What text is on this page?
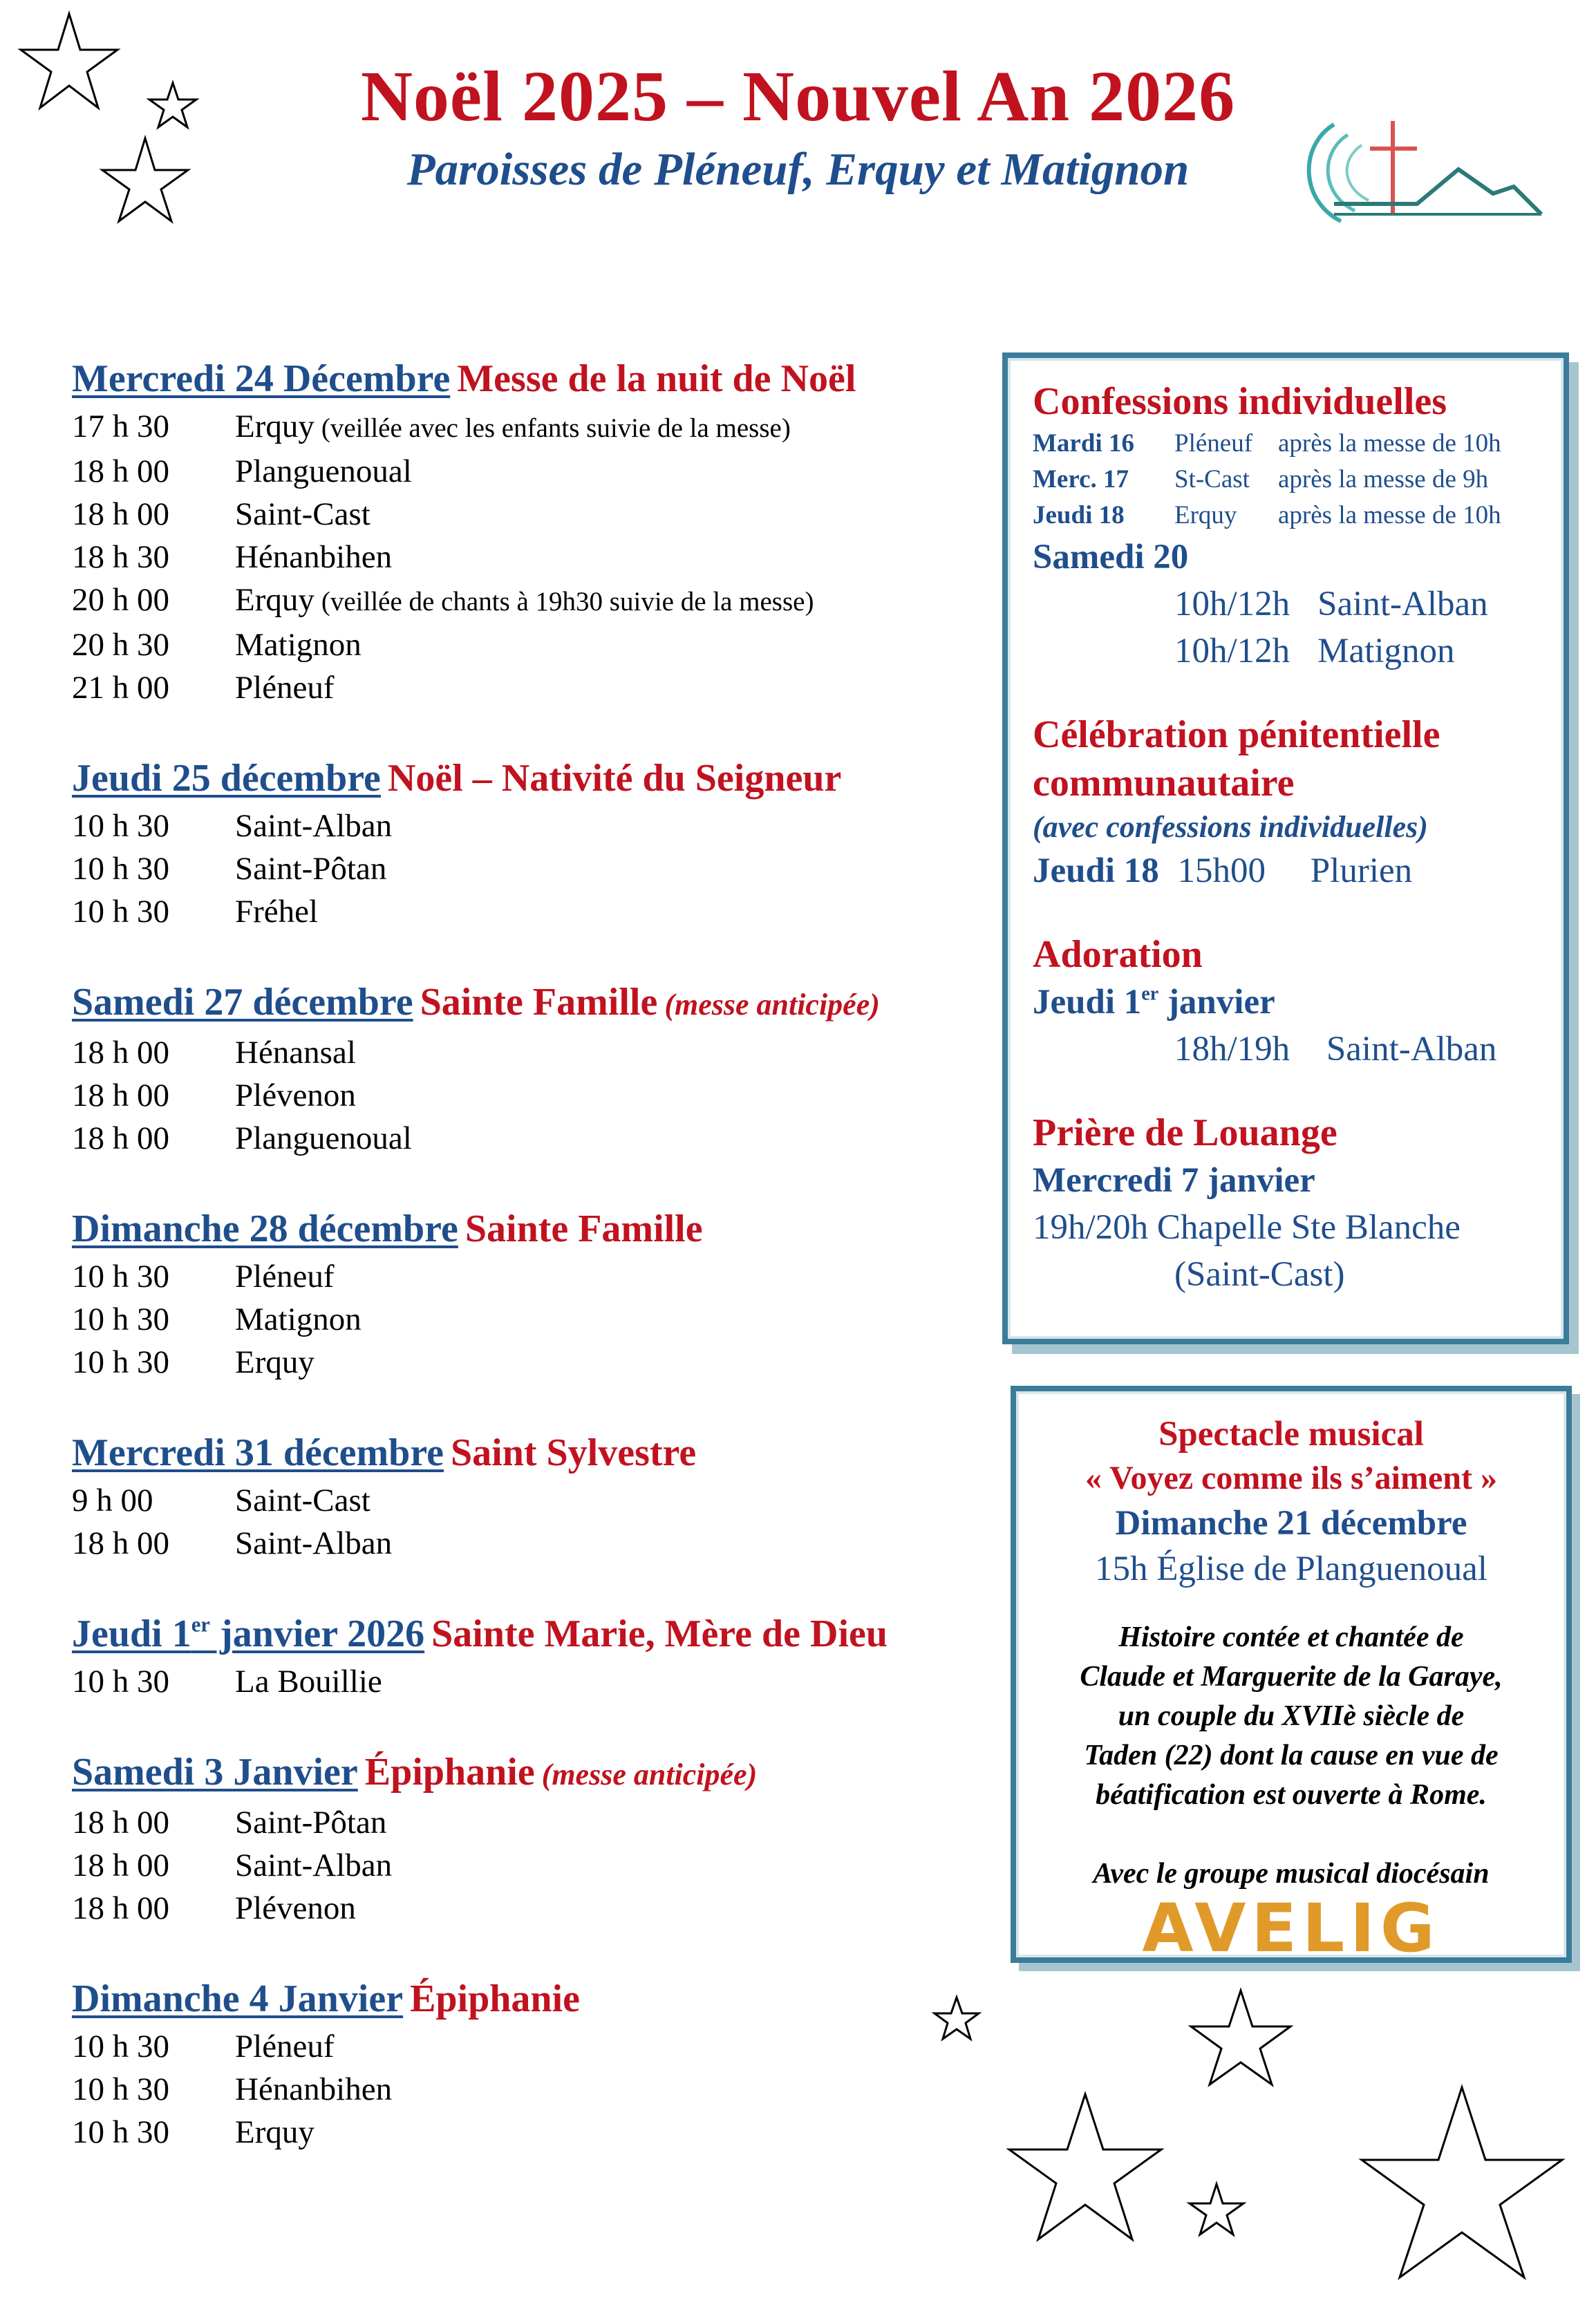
Noël 2025 – Nouvel An 2026
Paroisses de Pléneuf, Erquy et Matignon
Mercredi 24 Décembre Messe de la nuit de Noël
17 h 30	Erquy (veillée avec les enfants suivie de la messe)
18 h 00	Planguenoual
18 h 00	Saint-Cast
18 h 30	Hénanbihen
20 h 00	Erquy (veillée de chants à 19h30 suivie de la messe)
20 h 30	Matignon
21 h 00	Pléneuf
Jeudi 25 décembre Noël – Nativité du Seigneur
10 h 30	Saint-Alban
10 h 30	Saint-Pôtan
10 h 30	Fréhel
Samedi 27 décembre Sainte Famille (messe anticipée)
18 h 00	Hénansal
18 h 00	Plévenon
18 h 00	Planguenoual
Dimanche 28 décembre Sainte Famille
10 h 30	Pléneuf
10 h 30	Matignon
10 h 30	Erquy
Mercredi 31 décembre Saint Sylvestre
9 h 00	Saint-Cast
18 h 00	Saint-Alban
Jeudi 1er janvier 2026 Sainte Marie, Mère de Dieu
10 h 30	La Bouillie
Samedi 3 Janvier Épiphanie (messe anticipée)
18 h 00	Saint-Pôtan
18 h 00	Saint-Alban
18 h 00	Plévenon
Dimanche 4 Janvier Épiphanie
10 h 30	Pléneuf
10 h 30	Hénanbihen
10 h 30	Erquy
Confessions individuelles
Mardi 16	Pléneuf après la messe de 10h
Merc. 17	St-Cast	après la messe de 9h
Jeudi 18	Erquy	après la messe de 10h
Samedi 20
10h/12h Saint-Alban
10h/12h Matignon
Célébration pénitentielle
communautaire
(avec confessions individuelles)
Jeudi 18 15h00 Plurien
Adoration
Jeudi 1er janvier
18h/19h Saint-Alban
Prière de Louange
Mercredi 7 janvier
19h/20h Chapelle Ste Blanche
(Saint-Cast)
Spectacle musical
« Voyez comme ils s’aiment »
Dimanche 21 décembre
15h Église de Planguenoual
Histoire contée et chantée de
Claude et Marguerite de la Garaye,
un couple du XVIIè siècle de
Taden (22) dont la cause en vue de
béatification est ouverte à Rome.
Avec le groupe musical diocésain
AVELIG
